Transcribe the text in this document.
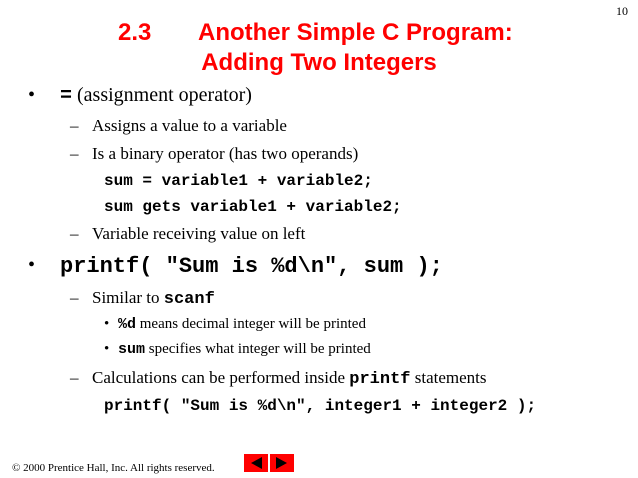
10
2.3 Another Simple C Program:
Adding Two Integers
• = (assignment operator)
– Assigns a value to a variable
– Is a binary operator (has two operands)
sum = variable1 + variable2;
sum gets variable1 + variable2;
– Variable receiving value on left
• printf( "Sum is %d\n", sum );
– Similar to scanf
• %d means decimal integer will be printed
• sum specifies what integer will be printed
– Calculations can be performed inside printf statements
printf( "Sum is %d\n", integer1 + integer2 );
© 2000 Prentice Hall, Inc. All rights reserved.
